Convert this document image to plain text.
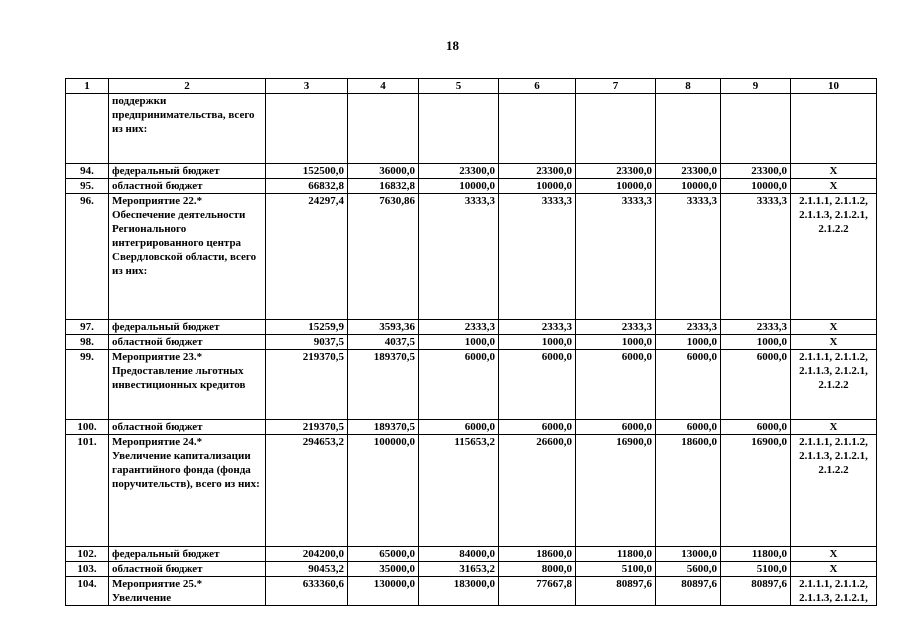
18
1	2	3	4	5	6	7	8	9	10
	поддержки предпринимательства, всего из них:								
94.	федеральный бюджет	152500,0	36000,0	23300,0	23300,0	23300,0	23300,0	23300,0	X
95.	областной бюджет	66832,8	16832,8	10000,0	10000,0	10000,0	10000,0	10000,0	X
96.	Мероприятие 22.* Обеспечение деятельности Регионального интегрированного центра Свердловской области, всего из них:	24297,4	7630,86	3333,3	3333,3	3333,3	3333,3	3333,3	2.1.1.1, 2.1.1.2, 2.1.1.3, 2.1.2.1, 2.1.2.2
97.	федеральный бюджет	15259,9	3593,36	2333,3	2333,3	2333,3	2333,3	2333,3	X
98.	областной бюджет	9037,5	4037,5	1000,0	1000,0	1000,0	1000,0	1000,0	X
99.	Мероприятие 23.* Предоставление льготных инвестиционных кредитов	219370,5	189370,5	6000,0	6000,0	6000,0	6000,0	6000,0	2.1.1.1, 2.1.1.2, 2.1.1.3, 2.1.2.1, 2.1.2.2
100.	областной бюджет	219370,5	189370,5	6000,0	6000,0	6000,0	6000,0	6000,0	X
101.	Мероприятие 24.* Увеличение капитализации гарантийного фонда (фонда поручительств), всего из них:	294653,2	100000,0	115653,2	26600,0	16900,0	18600,0	16900,0	2.1.1.1, 2.1.1.2, 2.1.1.3, 2.1.2.1, 2.1.2.2
102.	федеральный бюджет	204200,0	65000,0	84000,0	18600,0	11800,0	13000,0	11800,0	X
103.	областной бюджет	90453,2	35000,0	31653,2	8000,0	5100,0	5600,0	5100,0	X
104.	Мероприятие 25.* Увеличение	633360,6	130000,0	183000,0	77667,8	80897,6	80897,6	80897,6	2.1.1.1, 2.1.1.2, 2.1.1.3, 2.1.2.1,
